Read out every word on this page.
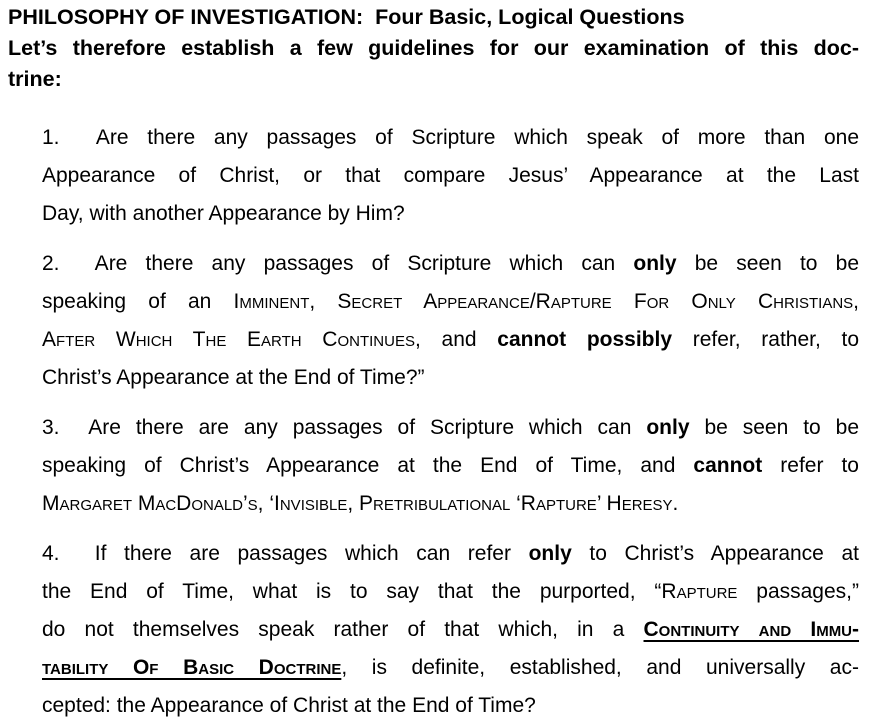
PHILOSOPHY OF INVESTIGATION:  Four Basic, Logical Questions
Let’s therefore establish a few guidelines for our examination of this doc-
trine:
1.  Are there any passages of Scripture which speak of more than one
Appearance of Christ, or that compare Jesus’ Appearance at the Last
Day, with another Appearance by Him?
2.  Are there any passages of Scripture which can only be seen to be
speaking of an Imminent, Secret Appearance/Rapture For Only Christians,
After Which The Earth Continues, and cannot possibly refer, rather, to
Christ’s Appearance at the End of Time?”
3.  Are there are any passages of Scripture which can only be seen to be
speaking of Christ’s Appearance at the End of Time, and cannot refer to
Margaret MacDonald’s, ‘Invisible, Pretribulational ‘Rapture’ Heresy.
4.  If there are passages which can refer only to Christ’s Appearance at
the End of Time, what is to say that the purported, “Rapture passages,”
do not themselves speak rather of that which, in a Continuity and Immu-
tability Of Basic Doctrine, is definite, established, and universally ac-
cepted: the Appearance of Christ at the End of Time?
